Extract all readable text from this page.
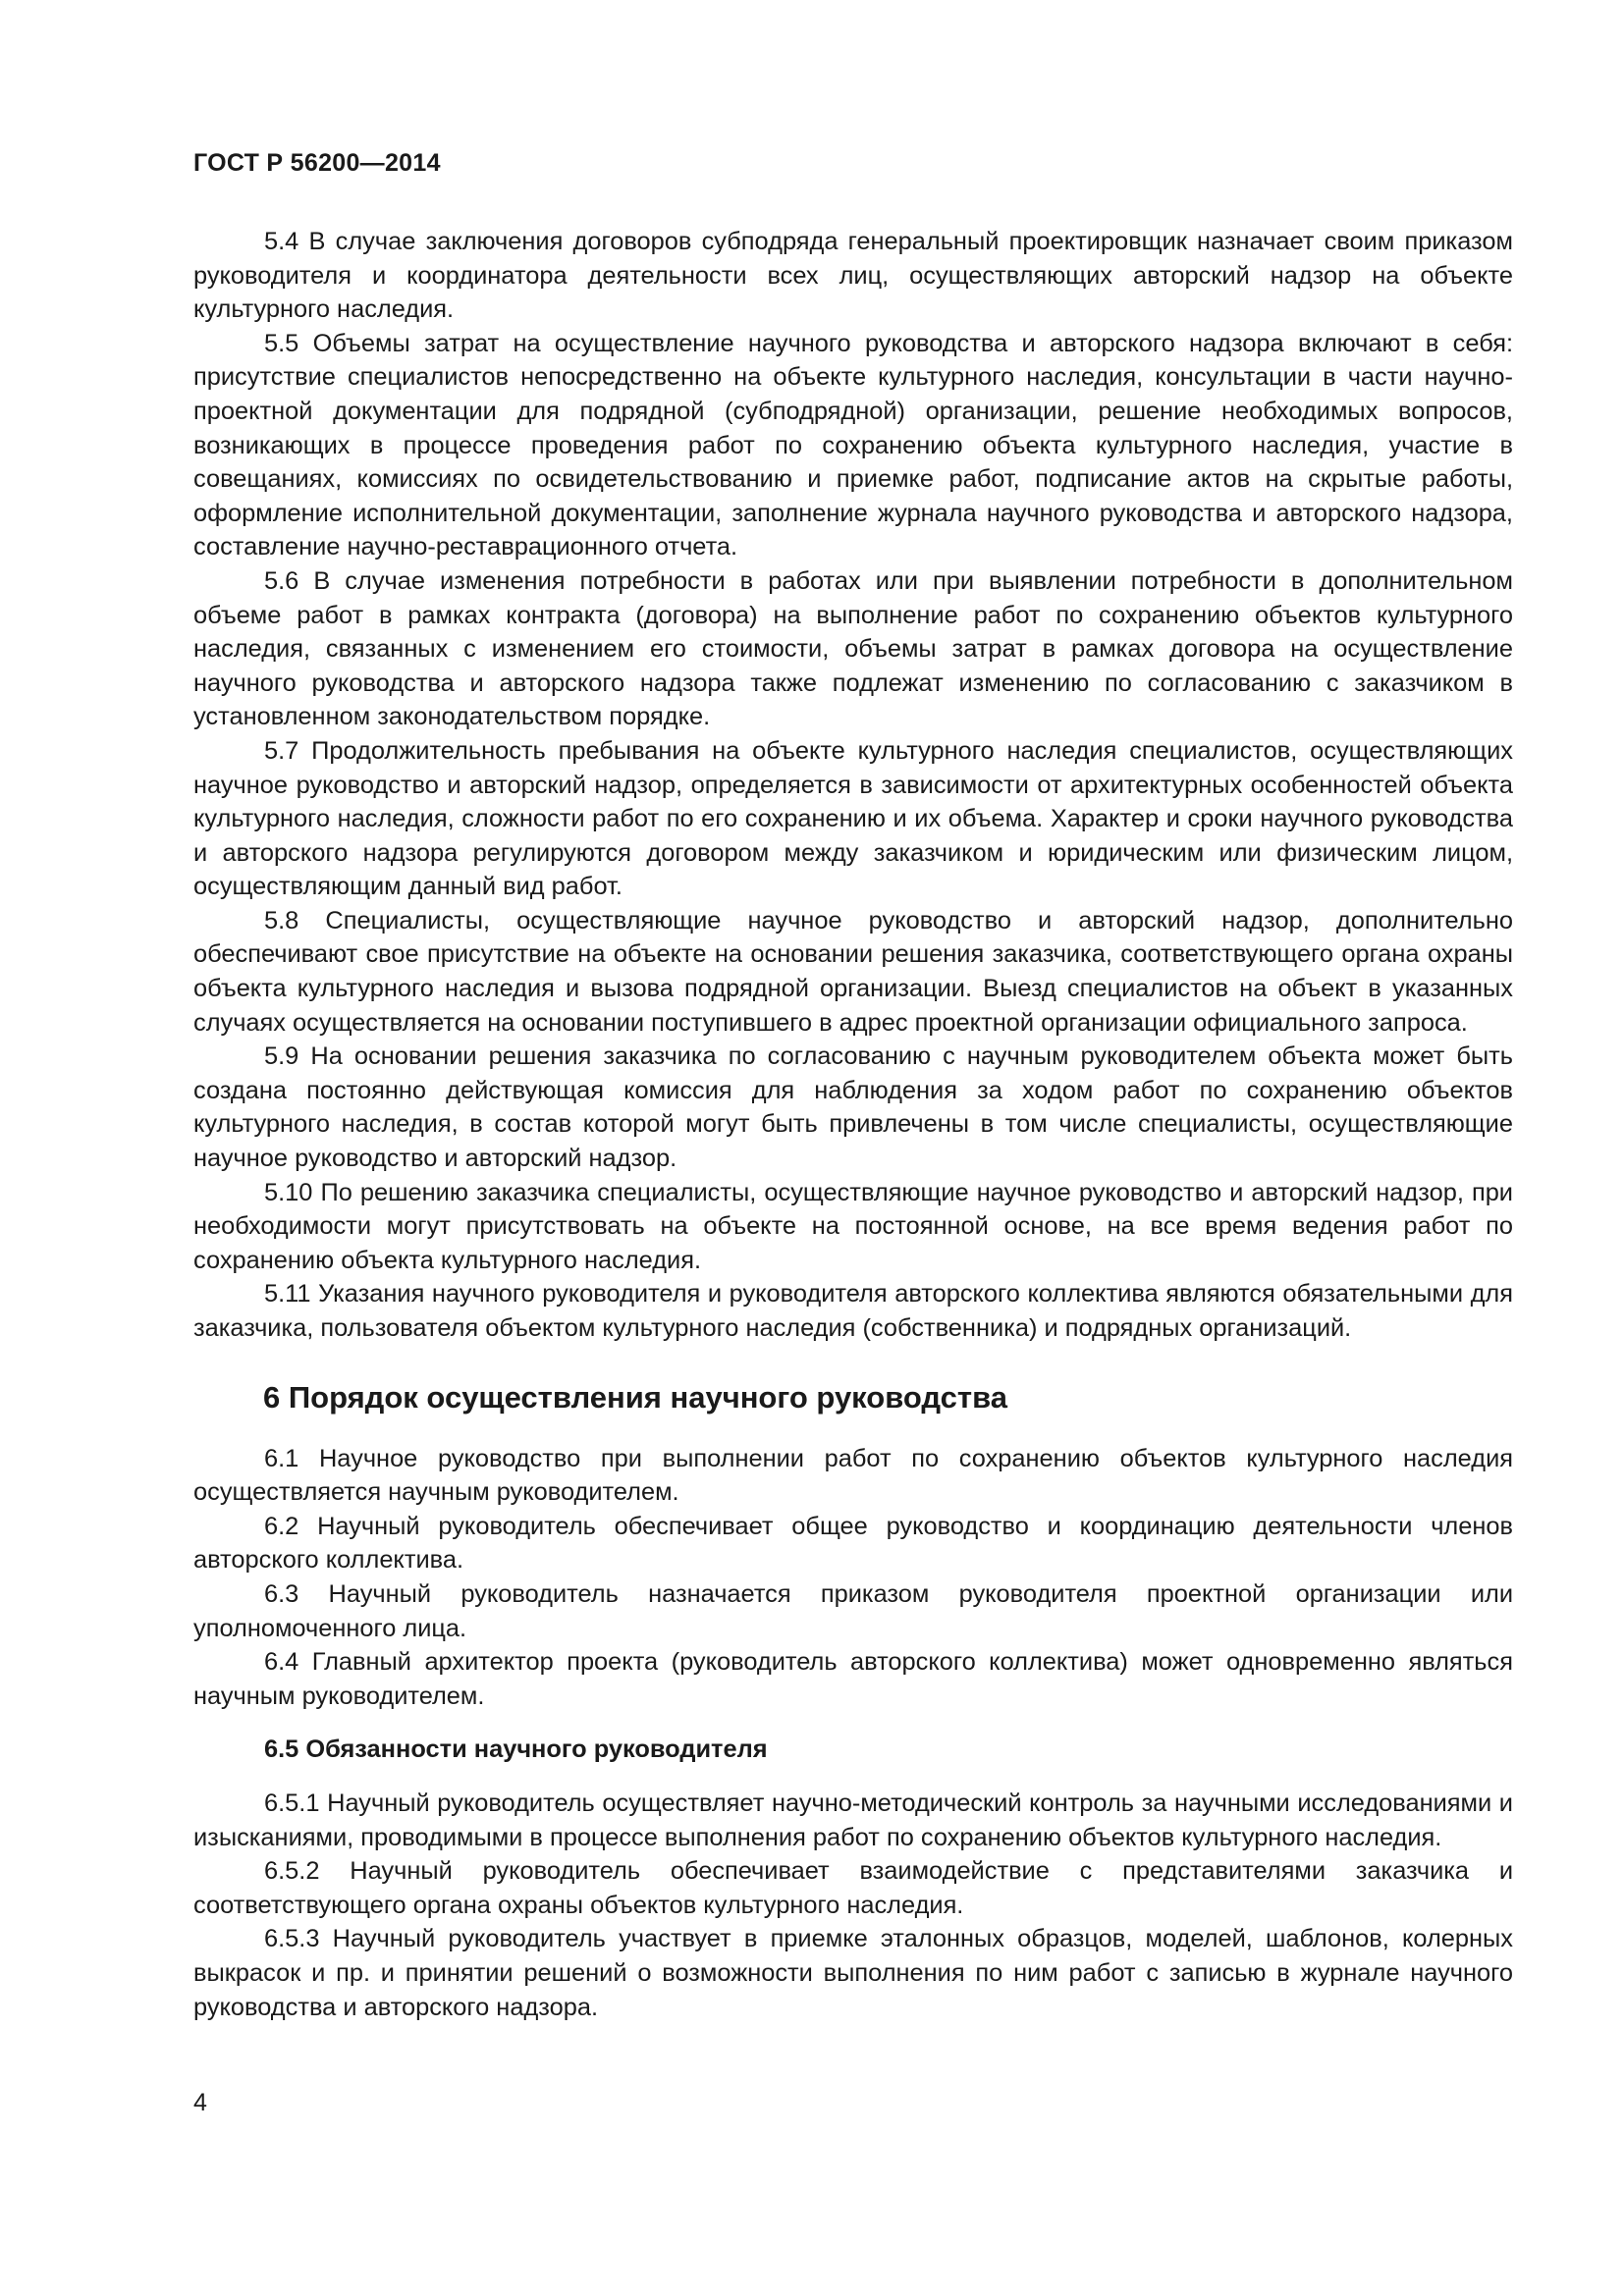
ГОСТ Р 56200—2014

5.4 В случае заключения договоров субподряда генеральный проектировщик назначает своим приказом руководителя и координатора деятельности всех лиц, осуществляющих авторский надзор на объекте культурного наследия.

5.5 Объемы затрат на осуществление научного руководства и авторского надзора включают в себя: присутствие специалистов непосредственно на объекте культурного наследия, консультации в части научно-проектной документации для подрядной (субподрядной) организации, решение необходимых вопросов, возникающих в процессе проведения работ по сохранению объекта культурного наследия, участие в совещаниях, комиссиях по освидетельствованию и приемке работ, подписание актов на скрытые работы, оформление исполнительной документации, заполнение журнала научного руководства и авторского надзора, составление научно-реставрационного отчета.

5.6 В случае изменения потребности в работах или при выявлении потребности в дополнительном объеме работ в рамках контракта (договора) на выполнение работ по сохранению объектов культурного наследия, связанных с изменением его стоимости, объемы затрат в рамках договора на осуществление научного руководства и авторского надзора также подлежат изменению по согласованию с заказчиком в установленном законодательством порядке.

5.7 Продолжительность пребывания на объекте культурного наследия специалистов, осуществляющих научное руководство и авторский надзор, определяется в зависимости от архитектурных особенностей объекта культурного наследия, сложности работ по его сохранению и их объема. Характер и сроки научного руководства и авторского надзора регулируются договором между заказчиком и юридическим или физическим лицом, осуществляющим данный вид работ.

5.8 Специалисты, осуществляющие научное руководство и авторский надзор, дополнительно обеспечивают свое присутствие на объекте на основании решения заказчика, соответствующего органа охраны объекта культурного наследия и вызова подрядной организации. Выезд специалистов на объект в указанных случаях осуществляется на основании поступившего в адрес проектной организации официального запроса.

5.9 На основании решения заказчика по согласованию с научным руководителем объекта может быть создана постоянно действующая комиссия для наблюдения за ходом работ по сохранению объектов культурного наследия, в состав которой могут быть привлечены в том числе специалисты, осуществляющие научное руководство и авторский надзор.

5.10 По решению заказчика специалисты, осуществляющие научное руководство и авторский надзор, при необходимости могут присутствовать на объекте на постоянной основе, на все время ведения работ по сохранению объекта культурного наследия.

5.11 Указания научного руководителя и руководителя авторского коллектива являются обязательными для заказчика, пользователя объектом культурного наследия (собственника) и подрядных организаций.

6 Порядок осуществления научного руководства

6.1 Научное руководство при выполнении работ по сохранению объектов культурного наследия осуществляется научным руководителем.

6.2 Научный руководитель обеспечивает общее руководство и координацию деятельности членов авторского коллектива.

6.3 Научный руководитель назначается приказом руководителя проектной организации или уполномоченного лица.

6.4 Главный архитектор проекта (руководитель авторского коллектива) может одновременно являться научным руководителем.

6.5 Обязанности научного руководителя

6.5.1 Научный руководитель осуществляет научно-методический контроль за научными исследованиями и изысканиями, проводимыми в процессе выполнения работ по сохранению объектов культурного наследия.

6.5.2 Научный руководитель обеспечивает взаимодействие с представителями заказчика и соответствующего органа охраны объектов культурного наследия.

6.5.3 Научный руководитель участвует в приемке эталонных образцов, моделей, шаблонов, колерных выкрасок и пр. и принятии решений о возможности выполнения по ним работ с записью в журнале научного руководства и авторского надзора.

4
